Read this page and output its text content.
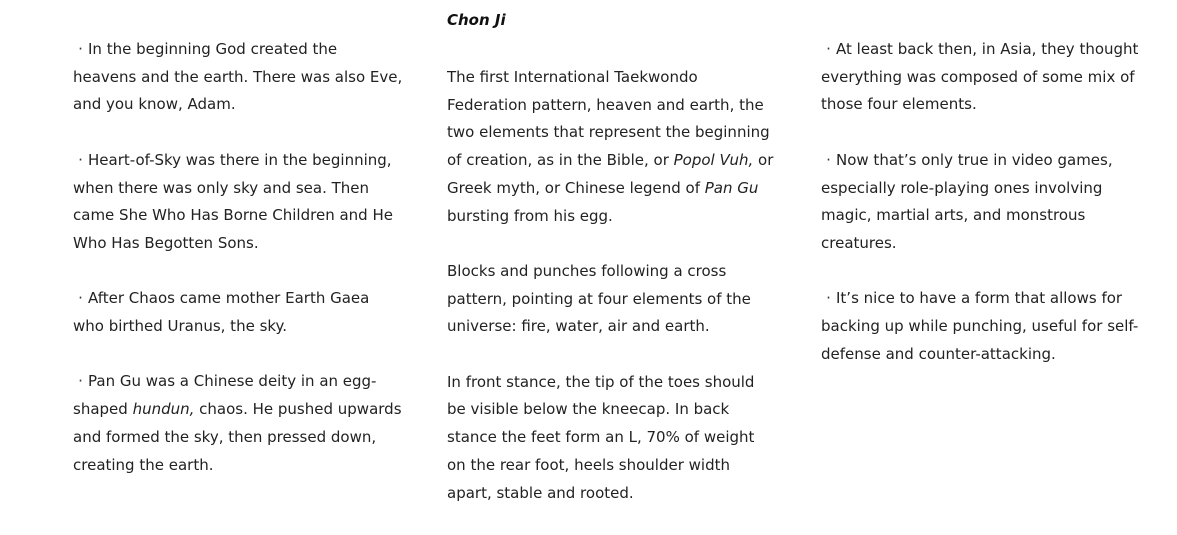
Chon Ji

· In the beginning God created the heavens and the earth. There was also Eve, and you know, Adam.

· Heart-of-Sky was there in the beginning, when there was only sky and sea. Then came She Who Has Borne Children and He Who Has Begotten Sons.

· After Chaos came mother Earth Gaea who birthed Uranus, the sky.

· Pan Gu was a Chinese deity in an egg-shaped hundun, chaos. He pushed upwards and formed the sky, then pressed down, creating the earth.

The first International Taekwondo Federation pattern, heaven and earth, the two elements that represent the beginning of creation, as in the Bible, or Popol Vuh, or Greek myth, or Chinese legend of Pan Gu bursting from his egg.

Blocks and punches following a cross pattern, pointing at four elements of the universe: fire, water, air and earth.

In front stance, the tip of the toes should be visible below the kneecap. In back stance the feet form an L, 70% of weight on the rear foot, heels shoulder width apart, stable and rooted.

· At least back then, in Asia, they thought everything was composed of some mix of those four elements.

· Now that’s only true in video games, especially role-playing ones involving magic, martial arts, and monstrous creatures.

· It’s nice to have a form that allows for backing up while punching, useful for self-defense and counter-attacking.
